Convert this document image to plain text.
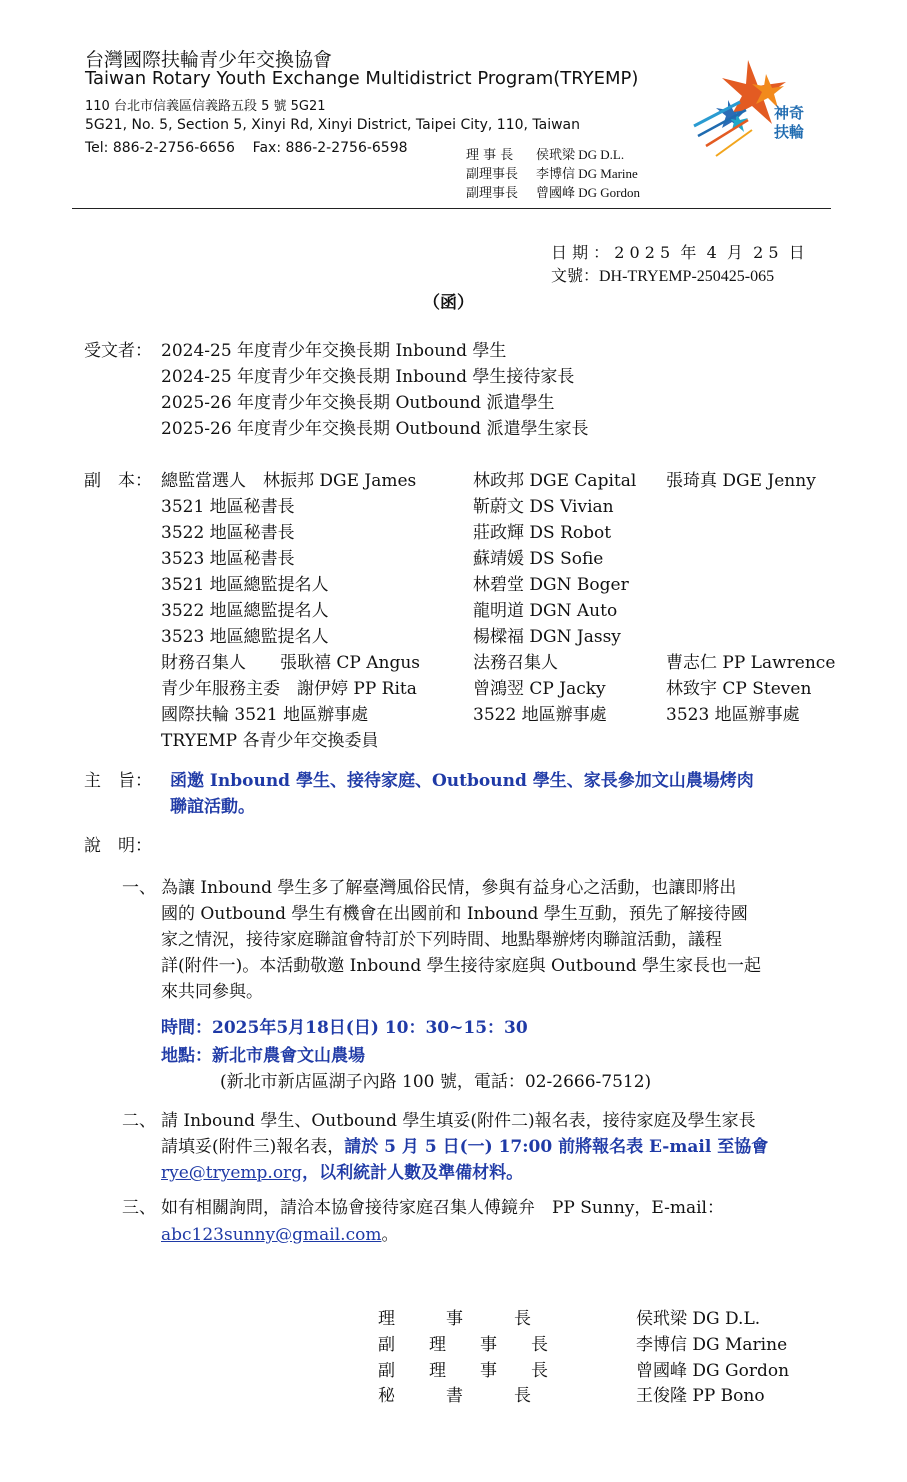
台灣國際扶輪青少年交換協會
Taiwan Rotary Youth Exchange Multidistrict Program(TRYEMP)
110 台北市信義區信義路五段 5 號 5G21
5G21, No. 5, Section 5, Xinyi Rd, Xinyi District, Taipei City, 110, Taiwan
Tel: 886-2-2756-6656    Fax: 886-2-2756-6598	理 事 長 侯玳梁 DG D.L.
副理事長 李博信 DG Marine
副理事長 曾國峰 DG Gordon
神奇
扶輪
日 期 ： 2 0 2 5  年  4  月  2 5  日
文號：DH-TRYEMP-250425-065
（函）
受文者： 2024-25 年度青少年交換長期 Inbound 學生
2024-25 年度青少年交換長期 Inbound 學生接待家長
2025-26 年度青少年交換長期 Outbound 派遣學生
2025-26 年度青少年交換長期 Outbound 派遣學生家長
副　本： 總監當選人　林振邦 DGE James	林政邦 DGE Capital 張琦真 DGE Jenny
3521 地區秘書長	靳蔚文 DS Vivian
3522 地區秘書長	莊政輝 DS Robot
3523 地區秘書長	蘇靖媛 DS Sofie
3521 地區總監提名人	林碧堂 DGN Boger
3522 地區總監提名人	龍明道 DGN Auto
3523 地區總監提名人	楊樑福 DGN Jassy
財務召集人　　張耿禧 CP Angus	法務召集人	曹志仁 PP Lawrence
青少年服務主委　謝伊婷 PP Rita	曾鴻翌 CP Jacky	林致宇 CP Steven
國際扶輪 3521 地區辦事處	3522 地區辦事處	3523 地區辦事處
TRYEMP 各青少年交換委員
主　旨： 函邀 Inbound 學生、接待家庭、Outbound 學生、家長參加文山農場烤肉
聯誼活動。
說　明：
一、 為讓 Inbound 學生多了解臺灣風俗民情，參與有益身心之活動，也讓即將出
國的 Outbound 學生有機會在出國前和 Inbound 學生互動，預先了解接待國
家之情況，接待家庭聯誼會特訂於下列時間、地點舉辦烤肉聯誼活動，議程
詳(附件一)。本活動敬邀 Inbound 學生接待家庭與 Outbound 學生家長也一起
來共同參與。
時間：2025年5月18日(日) 10：30~15：30
地點：新北市農會文山農場
(新北市新店區湖子內路 100 號，電話：02-2666-7512)
二、 請 Inbound 學生、Outbound 學生填妥(附件二)報名表，接待家庭及學生家長
請填妥(附件三)報名表，請於 5 月 5 日(一) 17:00 前將報名表 E-mail 至協會
rye@tryemp.org，以利統計人數及準備材料。
三、 如有相關詢問，請洽本協會接待家庭召集人傅鏡弁　PP Sunny，E-mail：
abc123sunny@gmail.com。
理　　　事　　　長	侯玳梁 DG D.L.
副　　理　　事　　長	李博信 DG Marine
副　　理　　事　　長	曾國峰 DG Gordon
秘　　　書　　　長	王俊隆 PP Bono
